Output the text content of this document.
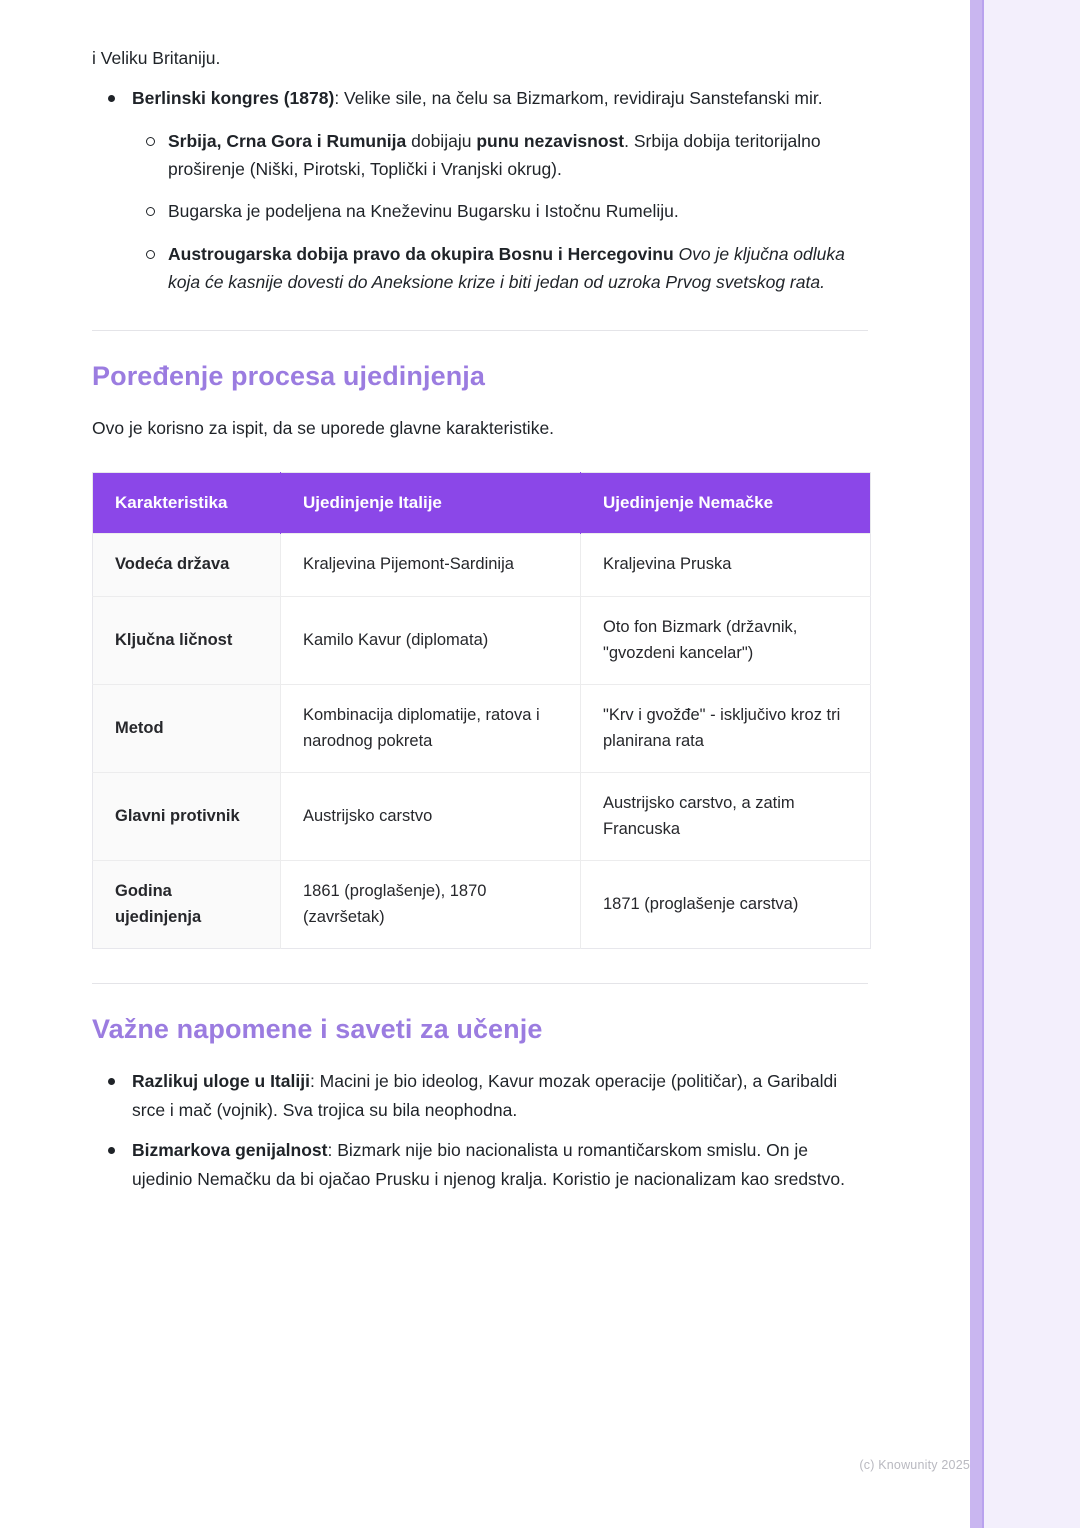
i Veliku Britaniju.

Berlinski kongres (1878): Velike sile, na čelu sa Bizmarkom, revidiraju Sanstefanski mir.
Srbija, Crna Gora i Rumunija dobijaju punu nezavisnost. Srbija dobija teritorijalno proširenje (Niški, Pirotski, Toplički i Vranjski okrug).
Bugarska je podeljena na Kneževinu Bugarsku i Istočnu Rumeliju.
Austrougarska dobija pravo da okupira Bosnu i Hercegovinu Ovo je ključna odluka koja će kasnije dovesti do Aneksione krize i biti jedan od uzroka Prvog svetskog rata.
Poređenje procesa ujedinjenja

Ovo je korisno za ispit, da se uporede glavne karakteristike.

Karakteristika	Ujedinjenje Italije	Ujedinjenje Nemačke
Vodeća država	Kraljevina Pijemont-Sardinija	Kraljevina Pruska
Ključna ličnost	Kamilo Kavur (diplomata)	Oto fon Bizmark (državnik, "gvozdeni kancelar")
Metod	Kombinacija diplomatije, ratova i narodnog pokreta	"Krv i gvožđe" - isključivo kroz tri planirana rata
Glavni protivnik	Austrijsko carstvo	Austrijsko carstvo, a zatim Francuska
Godina ujedinjenja	1861 (proglašenje), 1870 (završetak)	1871 (proglašenje carstva)
Važne napomene i saveti za učenje
Razlikuj uloge u Italiji: Macini je bio ideolog, Kavur mozak operacije (političar), a Garibaldi srce i mač (vojnik). Sva trojica su bila neophodna.
Bizmarkova genijalnost: Bizmark nije bio nacionalista u romantičarskom smislu. On je ujedinio Nemačku da bi ojačao Prusku i njenog kralja. Koristio je nacionalizam kao sredstvo.
(c) Knowunity 2025
